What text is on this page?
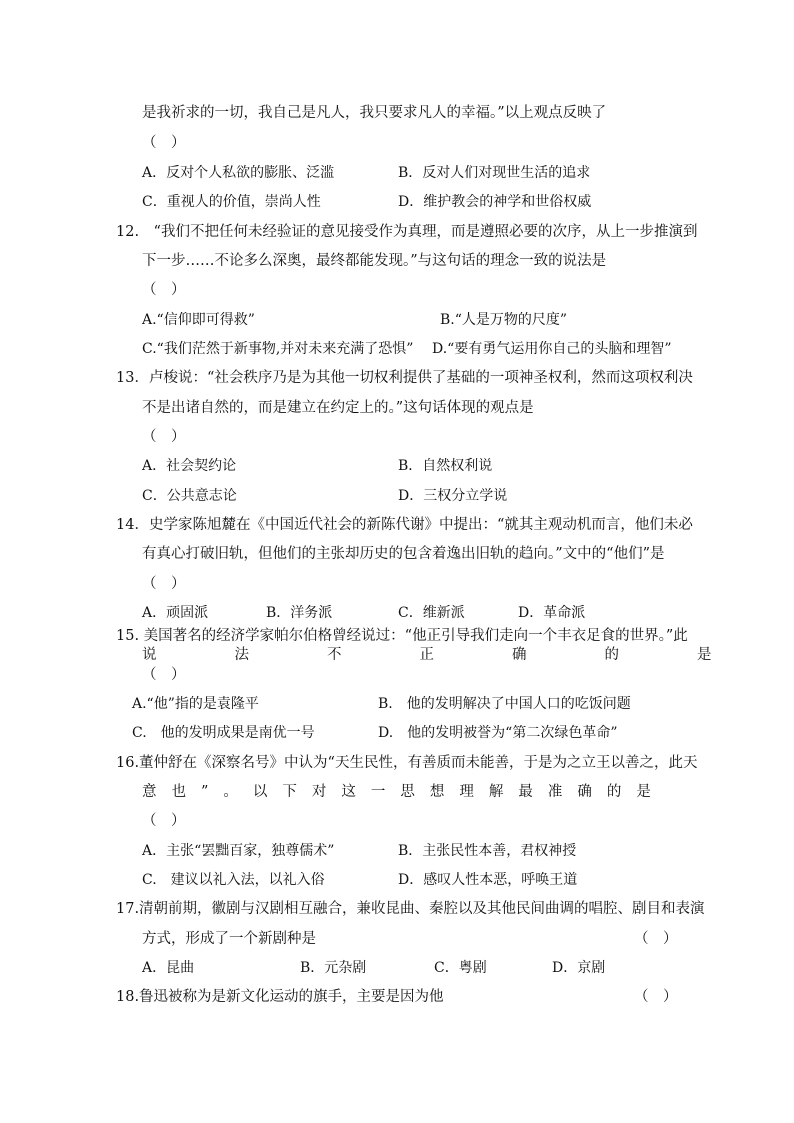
是我祈求的一切，我自己是凡人，我只要求凡人的幸福。”以上观点反映了
（　）
A．反对个人私欲的膨胀、泛滥	B．反对人们对现世生活的追求
C．重视人的价值，崇尚人性	D．维护教会的神学和世俗权威
12.　“我们不把任何未经验证的意见接受作为真理，而是遵照必要的次序，从上一步推演到
下一步……不论多么深奥，最终都能发现。”与这句话的理念一致的说法是
（　）
A.“信仰即可得救”	B.“人是万物的尺度”
C.“我们茫然于新事物,并对未来充满了恐惧” D.“要有勇气运用你自己的头脑和理智”
13．卢梭说：“社会秩序乃是为其他一切权利提供了基础的一项神圣权利，然而这项权利决
不是出诸自然的，而是建立在约定上的。”这句话体现的观点是
（　）
A．社会契约论	B．自然权利说
C．公共意志论	D．三权分立学说
14．史学家陈旭麓在《中国近代社会的新陈代谢》中提出：“就其主观动机而言，他们未必
有真心打破旧轨，但他们的主张却历史的包含着逸出旧轨的趋向。”文中的“他们”是
（　）
A．顽固派	B．洋务派	C．维新派	D．革命派
15. 美国著名的经济学家帕尔伯格曾经说过：“他正引导我们走向一个丰衣足食的世界。”此
说法不正确的是
（　）
A.“他”指的是袁隆平	B.　他的发明解决了中国人口的吃饭问题
C.　他的发明成果是南优一号	D.　他的发明被誉为“第二次绿色革命”
16.董仲舒在《深察名号》中认为“天生民性，有善质而未能善，于是为之立王以善之，此天
意也”。以下对这一思想理解最准确的是
（　）
A．主张“罢黜百家，独尊儒术”	B．主张民性本善，君权神授
C.　建议以礼入法，以礼入俗	D．感叹人性本恶，呼唤王道
17.清朝前期，徽剧与汉剧相互融合，兼收昆曲、秦腔以及其他民间曲调的唱腔、剧目和表演
方式，形成了一个新剧种是	（　）
A．昆曲	B．元杂剧	C．粤剧	D．京剧
18.鲁迅被称为是新文化运动的旗手，主要是因为他	（　）
